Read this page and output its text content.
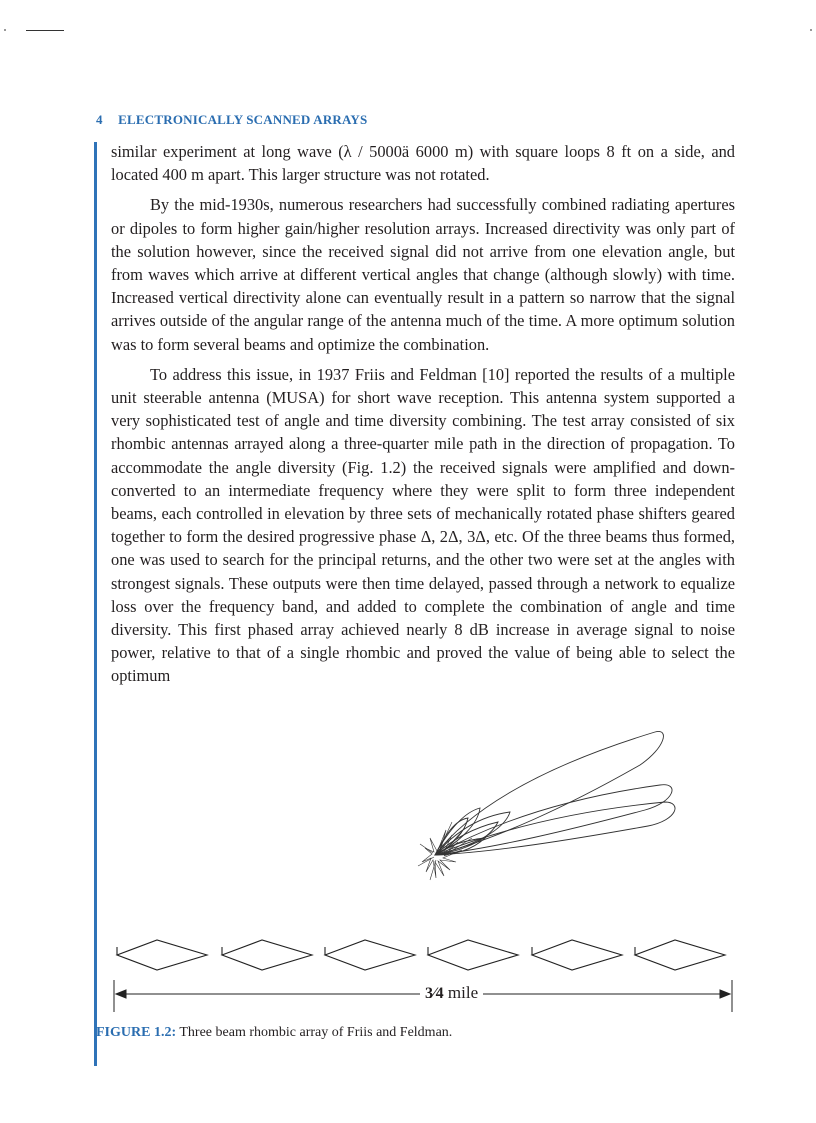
4 ELECTRONICALLY SCANNED ARRAYS

similar experiment at long wave (λ / 5000ä 6000 m) with square loops 8 ft on a side, and located 400 m apart. This larger structure was not rotated.

By the mid-1930s, numerous researchers had successfully combined radiating apertures or dipoles to form higher gain/higher resolution arrays. Increased directivity was only part of the solution however, since the received signal did not arrive from one elevation angle, but from waves which arrive at different vertical angles that change (although slowly) with time. Increased vertical directivity alone can eventually result in a pattern so narrow that the signal arrives outside of the angular range of the antenna much of the time. A more optimum solution was to form several beams and optimize the combination.

To address this issue, in 1937 Friis and Feldman [10] reported the results of a multiple unit steerable antenna (MUSA) for short wave reception. This antenna system supported a very sophisticated test of angle and time diversity combining. The test array consisted of six rhombic antennas arrayed along a three-quarter mile path in the direction of propagation. To accommodate the angle diversity (Fig. 1.2) the received signals were amplified and down-converted to an intermediate frequency where they were split to form three independent beams, each controlled in elevation by three sets of mechanically rotated phase shifters geared together to form the desired progressive phase Δ, 2Δ, 3Δ, etc. Of the three beams thus formed, one was used to search for the principal returns, and the other two were set at the angles with strongest signals. These outputs were then time delayed, passed through a network to equalize loss over the frequency band, and added to complete the combination of angle and time diversity. This first phased array achieved nearly 8 dB increase in average signal to noise power, relative to that of a single rhombic and proved the value of being able to select the optimum

3⁄4 mile
FIGURE 1.2: Three beam rhombic array of Friis and Feldman.
